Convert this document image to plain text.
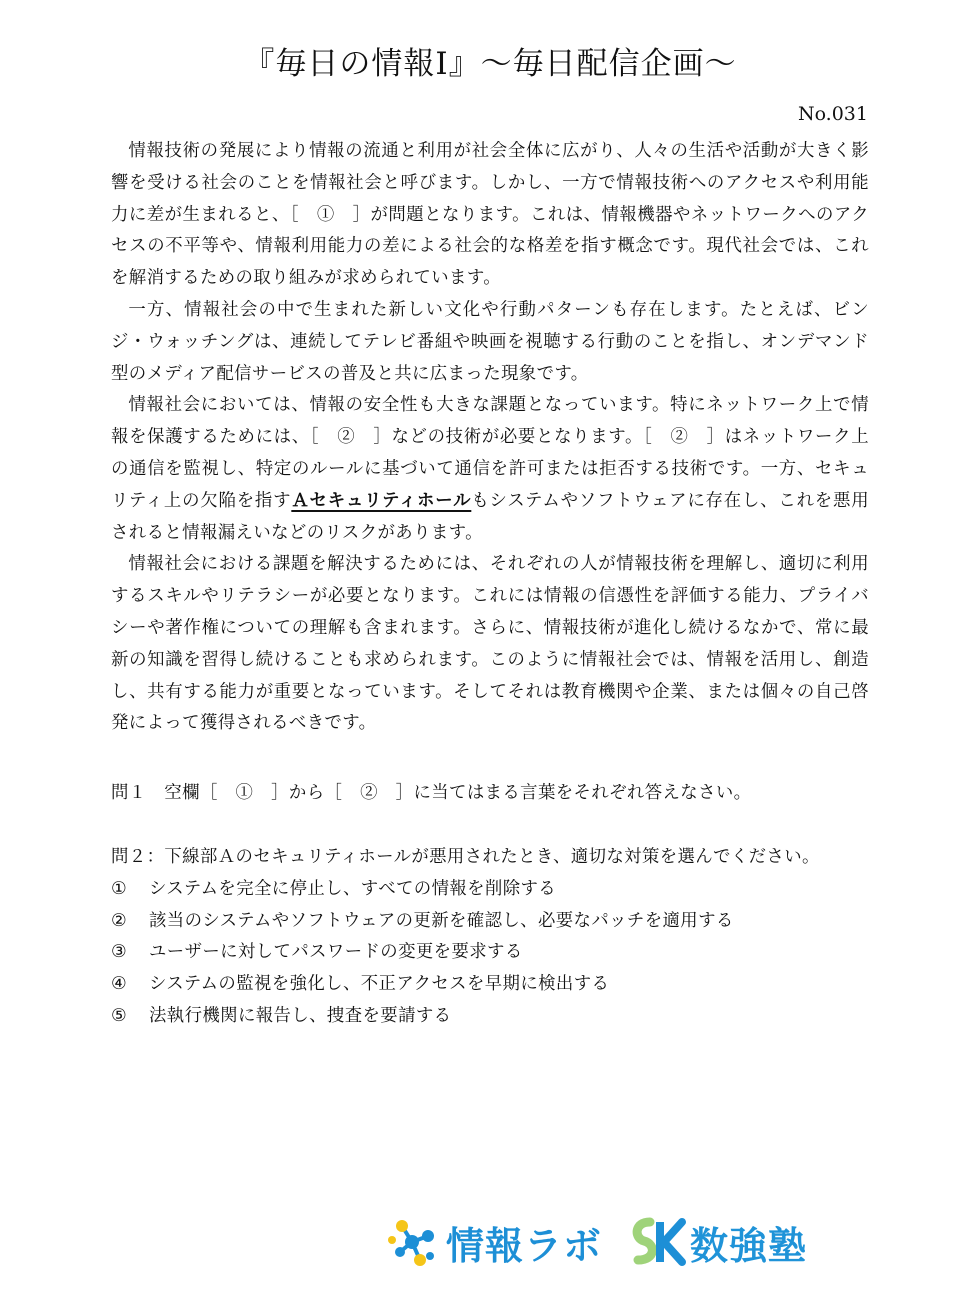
『毎日の情報Ⅰ』〜毎日配信企画〜
No.031

情報技術の発展により情報の流通と利用が社会全体に広がり、人々の生活や活動が大きく影響を受ける社会のことを情報社会と呼びます。しかし、一方で情報技術へのアクセスや利用能力に差が生まれると、［　①　］が問題となります。これは、情報機器やネットワークへのアクセスの不平等や、情報利用能力の差による社会的な格差を指す概念です。現代社会では、これを解消するための取り組みが求められています。

一方、情報社会の中で生まれた新しい文化や行動パターンも存在します。たとえば、ビンジ・ウォッチングは、連続してテレビ番組や映画を視聴する行動のことを指し、オンデマンド型のメディア配信サービスの普及と共に広まった現象です。

情報社会においては、情報の安全性も大きな課題となっています。特にネットワーク上で情報を保護するためには、［　②　］などの技術が必要となります。［　②　］はネットワーク上の通信を監視し、特定のルールに基づいて通信を許可または拒否する技術です。一方、セキュリティ上の欠陥を指すＡセキュリティホールもシステムやソフトウェアに存在し、これを悪用されると情報漏えいなどのリスクがあります。

情報社会における課題を解決するためには、それぞれの人が情報技術を理解し、適切に利用するスキルやリテラシーが必要となります。これには情報の信憑性を評価する能力、プライバシーや著作権についての理解も含まれます。さらに、情報技術が進化し続けるなかで、常に最新の知識を習得し続けることも求められます。このように情報社会では、情報を活用し、創造し、共有する能力が重要となっています。そしてそれは教育機関や企業、または個々の自己啓発によって獲得されるべきです。

問１　空欄［　①　］から［　②　］に当てはまる言葉をそれぞれ答えなさい。

問２：下線部Ａのセキュリティホールが悪用されたとき、適切な対策を選んでください。

①	システムを完全に停止し、すべての情報を削除する
②	該当のシステムやソフトウェアの更新を確認し、必要なパッチを適用する
③	ユーザーに対してパスワードの変更を要求する
④	システムの監視を強化し、不正アクセスを早期に検出する
⑤	法執行機関に報告し、捜査を要請する
情報ラボ 数強塾
